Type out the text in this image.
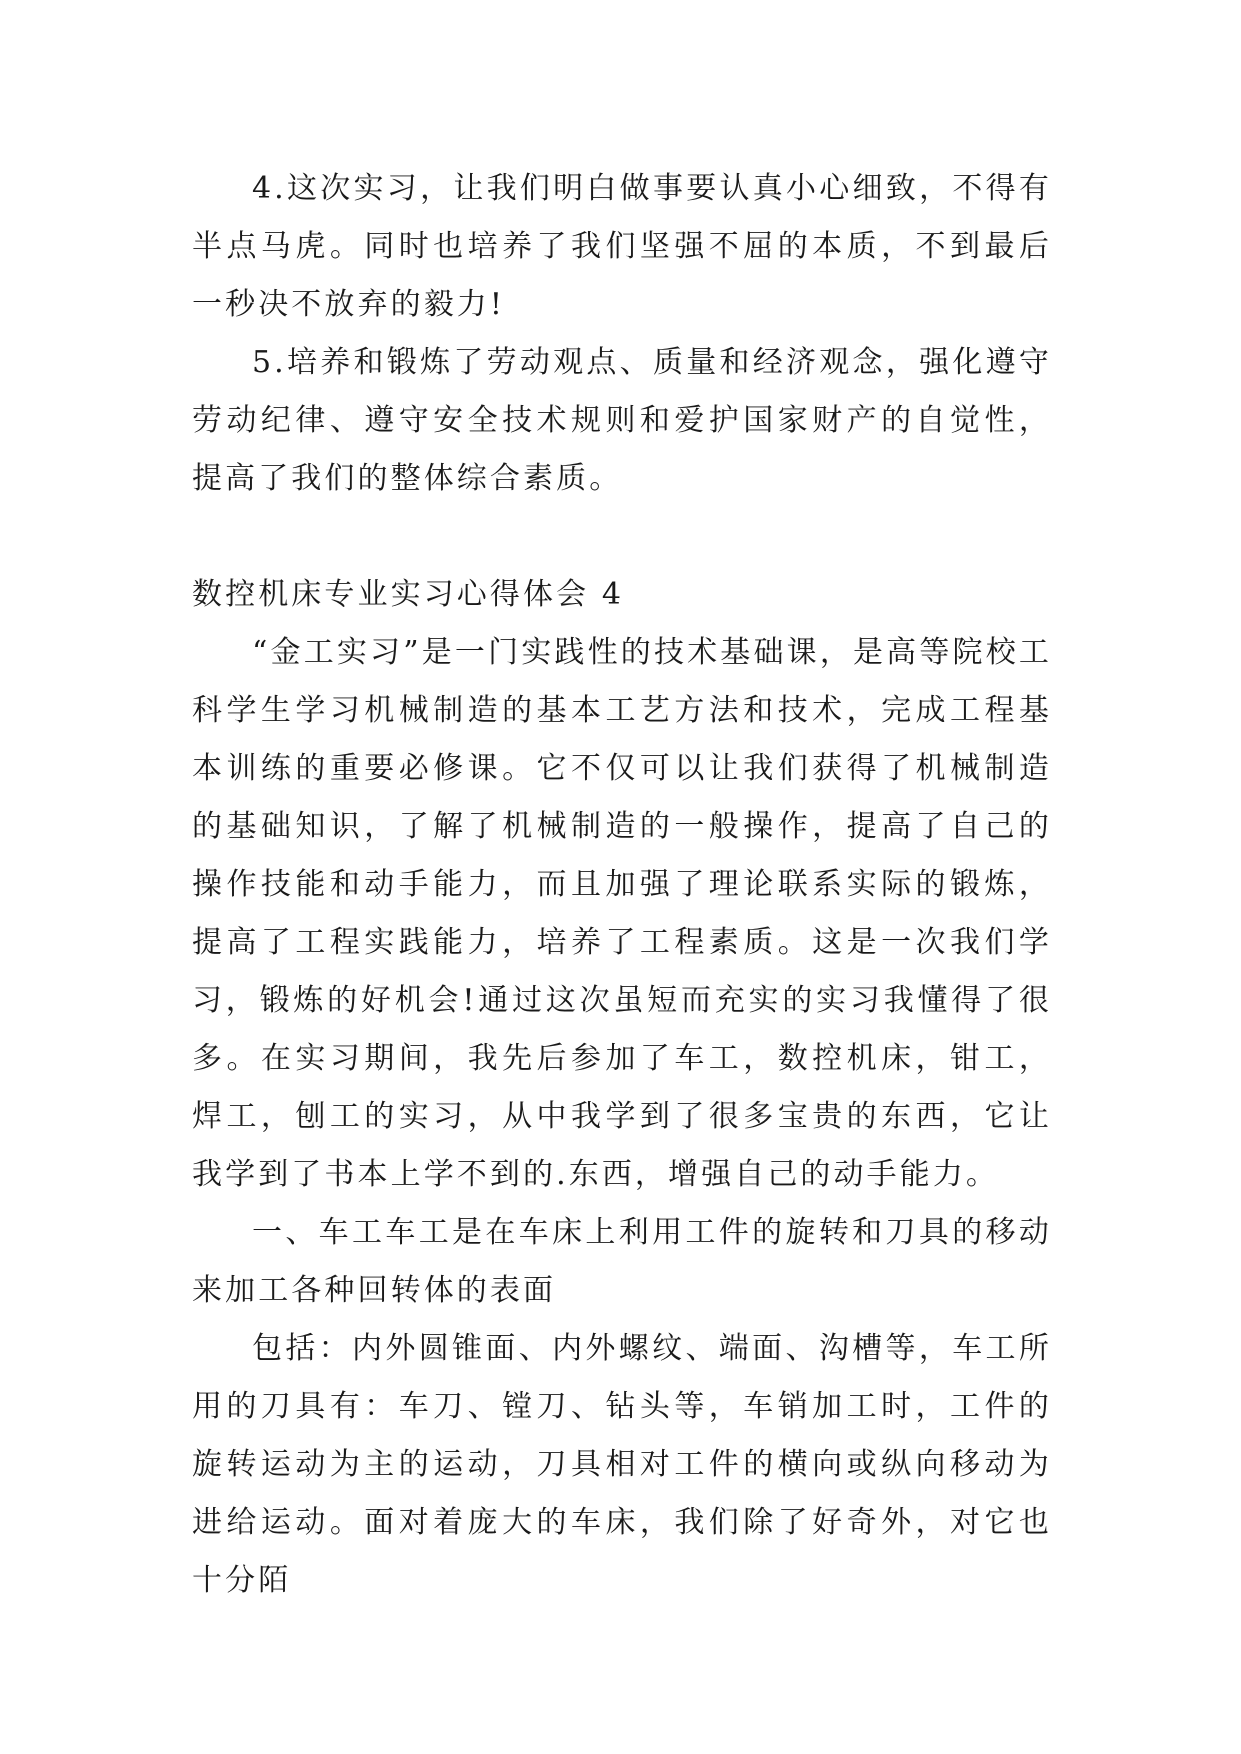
4.这次实习，让我们明白做事要认真小心细致，不得有半点马虎。同时也培养了我们坚强不屈的本质，不到最后一秒决不放弃的毅力!

5.培养和锻炼了劳动观点、质量和经济观念，强化遵守劳动纪律、遵守安全技术规则和爱护国家财产的自觉性，提高了我们的整体综合素质。

数控机床专业实习心得体会 4

“金工实习”是一门实践性的技术基础课，是高等院校工科学生学习机械制造的基本工艺方法和技术，完成工程基本训练的重要必修课。它不仅可以让我们获得了机械制造的基础知识，了解了机械制造的一般操作，提高了自己的操作技能和动手能力，而且加强了理论联系实际的锻炼，提高了工程实践能力，培养了工程素质。这是一次我们学习，锻炼的好机会!通过这次虽短而充实的实习我懂得了很多。在实习期间，我先后参加了车工，数控机床，钳工，焊工，刨工的实习，从中我学到了很多宝贵的东西，它让我学到了书本上学不到的.东西，增强自己的动手能力。

一、车工车工是在车床上利用工件的旋转和刀具的移动来加工各种回转体的表面

包括：内外圆锥面、内外螺纹、端面、沟槽等，车工所用的刀具有：车刀、镗刀、钻头等，车销加工时，工件的旋转运动为主的运动，刀具相对工件的横向或纵向移动为进给运动。面对着庞大的车床，我们除了好奇外，对它也十分陌
